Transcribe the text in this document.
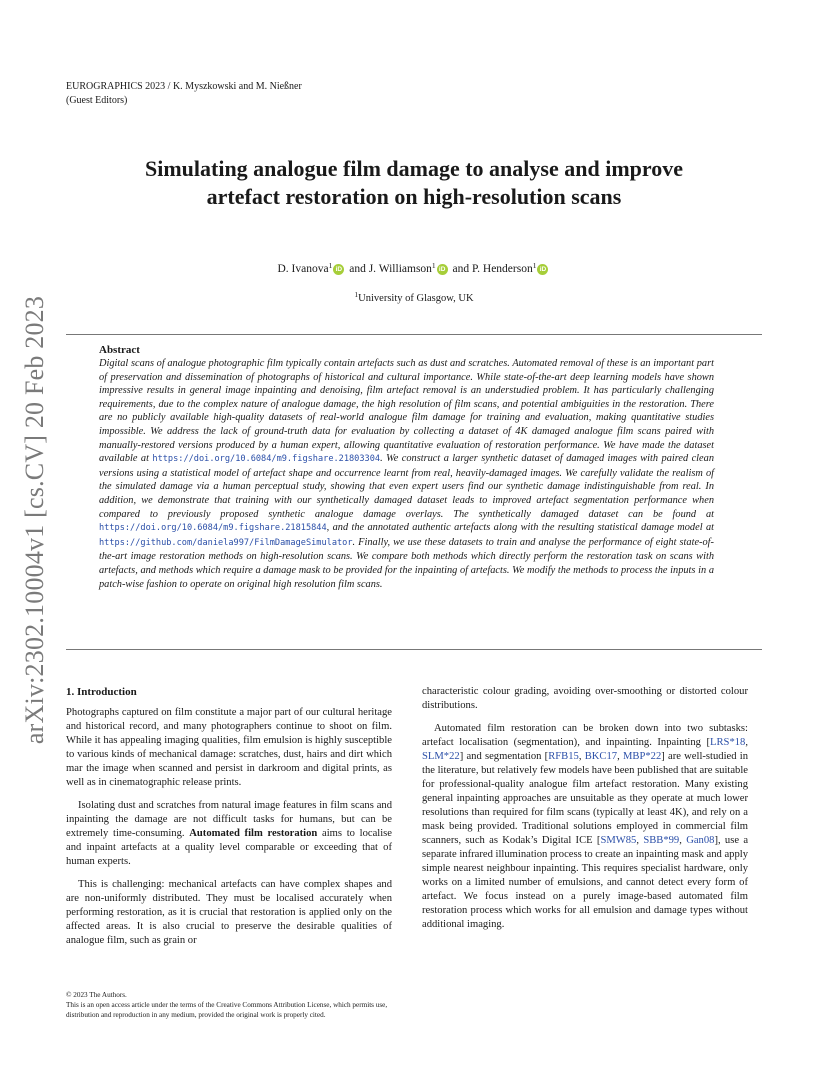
EUROGRAPHICS 2023 / K. Myszkowski and M. Nießner
(Guest Editors)
arXiv:2302.10004v1 [cs.CV] 20 Feb 2023
Simulating analogue film damage to analyse and improve
artefact restoration on high-resolution scans
D. Ivanova$^1$ iD and J. Williamson$^1$ iD and P. Henderson$^1$ iD
$^1$University of Glasgow, UK
Abstract

Digital scans of analogue photographic film typically contain artefacts such as dust and scratches. Automated removal of these is an important part of preservation and dissemination of photographs of historical and cultural importance. While state-of-the-art deep learning models have shown impressive results in general image inpainting and denoising, film artefact removal is an understudied problem. It has particularly challenging requirements, due to the complex nature of analogue damage, the high resolution of film scans, and potential ambiguities in the restoration. There are no publicly available high-quality datasets of real-world analogue film damage for training and evaluation, making quantitative studies impossible. We address the lack of ground-truth data for evaluation by collecting a dataset of 4K damaged analogue film scans paired with manually-restored versions produced by a human expert, allowing quantitative evaluation of restoration performance. We have made the dataset available at https://doi.org/10.6084/m9.figshare.21803304. We construct a larger synthetic dataset of damaged images with paired clean versions using a statistical model of artefact shape and occurrence learnt from real, heavily-damaged images. We carefully validate the realism of the simulated damage via a human perceptual study, showing that even expert users find our synthetic damage indistinguishable from real. In addition, we demonstrate that training with our synthetically damaged dataset leads to improved artefact segmentation performance when compared to previously proposed synthetic analogue damage overlays. The synthetically damaged dataset can be found at https://doi.org/10.6084/m9.figshare.21815844, and the annotated authentic artefacts along with the resulting statistical damage model at https://github.com/daniela997/FilmDamageSimulator. Finally, we use these datasets to train and analyse the performance of eight state-of-the-art image restoration methods on high-resolution scans. We compare both methods which directly perform the restoration task on scans with artefacts, and methods which require a damage mask to be provided for the inpainting of artefacts. We modify the methods to process the inputs in a patch-wise fashion to operate on original high resolution film scans.

1. Introduction

Photographs captured on film constitute a major part of our cultural heritage and historical record, and many photographers continue to shoot on film. While it has appealing imaging qualities, film emulsion is highly susceptible to various kinds of mechanical damage: scratches, dust, hairs and dirt which mar the image when scanned and persist in darkroom and digital prints, as well as in cinematographic release prints.

Isolating dust and scratches from natural image features in film scans and inpainting the damage are not difficult tasks for humans, but can be extremely time-consuming. Automated film restoration aims to localise and inpaint artefacts at a quality level comparable or exceeding that of human experts.

This is challenging: mechanical artefacts can have complex shapes and are non-uniformly distributed. They must be localised accurately when performing restoration, as it is crucial that restoration is applied only on the affected areas. It is also crucial to preserve the desirable qualities of analogue film, such as grain or

characteristic colour grading, avoiding over-smoothing or distorted colour distributions.

Automated film restoration can be broken down into two subtasks: artefact localisation (segmentation), and inpainting. Inpainting [LRS*18, SLM*22] and segmentation [RFB15, BKC17, MBP*22] are well-studied in the literature, but relatively few models have been published that are suitable for professional-quality analogue film artefact restoration. Many existing general inpainting approaches are unsuitable as they operate at much lower resolutions than required for film scans (typically at least 4K), and rely on a mask being provided. Traditional solutions employed in commercial film scanners, such as Kodak’s Digital ICE [SMW85, SBB*99, Gan08], use a separate infrared illumination process to create an inpainting mask and apply simple nearest neighbour inpainting. This requires specialist hardware, only works on a limited number of emulsions, and cannot detect every form of artefact. We focus instead on a purely image-based automated film restoration process which works for all emulsion and damage types without additional imaging.

© 2023 The Authors.

This is an open access article under the terms of the Creative Commons Attribution License, which permits use, distribution and reproduction in any medium, provided the original work is properly cited.
